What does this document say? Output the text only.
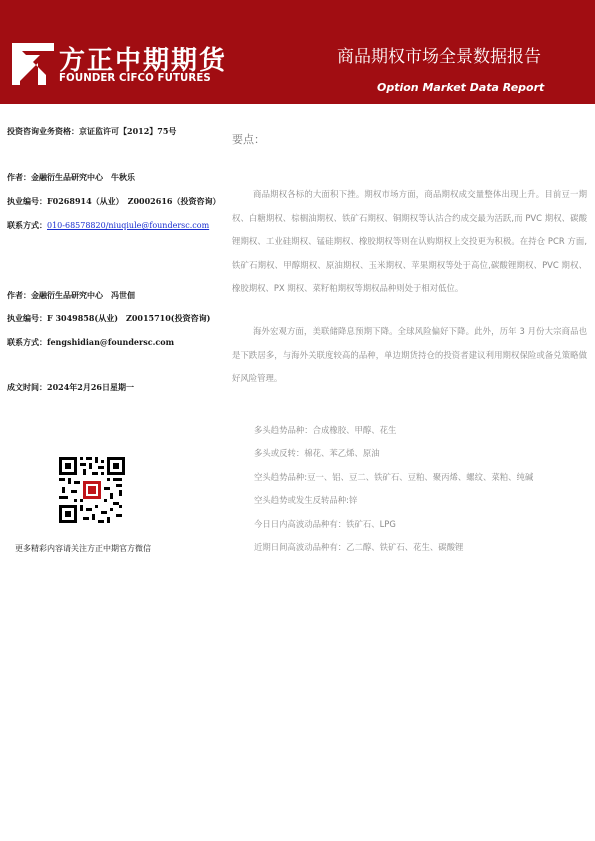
方正中期期货
FOUNDER CIFCO FUTURES
商品期权市场全景数据报告
Option Market Data Report
投资咨询业务资格：京证监许可【2012】75号
作者：金融衍生品研究中心　牛秋乐
执业编号：F0268914（从业）　Z0002616（投资咨询）
联系方式：010-68578820/niuqiule@foundersc.com
作者：金融衍生品研究中心　冯世佃
执业编号：F 3049858(从业)　Z0015710(投资咨询)
联系方式：fengshidian@foundersc.com
成文时间：2024年2月26日星期一
更多精彩内容请关注方正中期官方微信
要点：

商品期权各标的大面积下挫。期权市场方面，商品期权成交量整体出现上升。目前豆一期权、白糖期权、棕榈油期权、铁矿石期权、铜期权等认沽合约成交最为活跃,而 PVC 期权、碳酸锂期权、工业硅期权、锰硅期权、橡胶期权等则在认购期权上交投更为积极。在持仓 PCR 方面,铁矿石期权、甲醇期权、原油期权、玉米期权、苹果期权等处于高位,碳酸锂期权、PVC 期权、橡胶期权、PX 期权、菜籽粕期权等期权品种则处于相对低位。

海外宏观方面，美联储降息预期下降。全球风险偏好下降。此外，历年 3 月份大宗商品也是下跌居多，与海外关联度较高的品种，单边期货持仓的投资者建议利用期权保险或备兑策略做好风险管理。

多头趋势品种：合成橡胶、甲醇、花生
多头或反转：棉花、苯乙烯、原油
空头趋势品种:豆一、铝、豆二、铁矿石、豆粕、聚丙烯、螺纹、菜粕、纯碱
空头趋势或发生反转品种:锌
今日日内高波动品种有：铁矿石、LPG
近期日间高波动品种有：乙二醇、铁矿石、花生、碳酸锂
